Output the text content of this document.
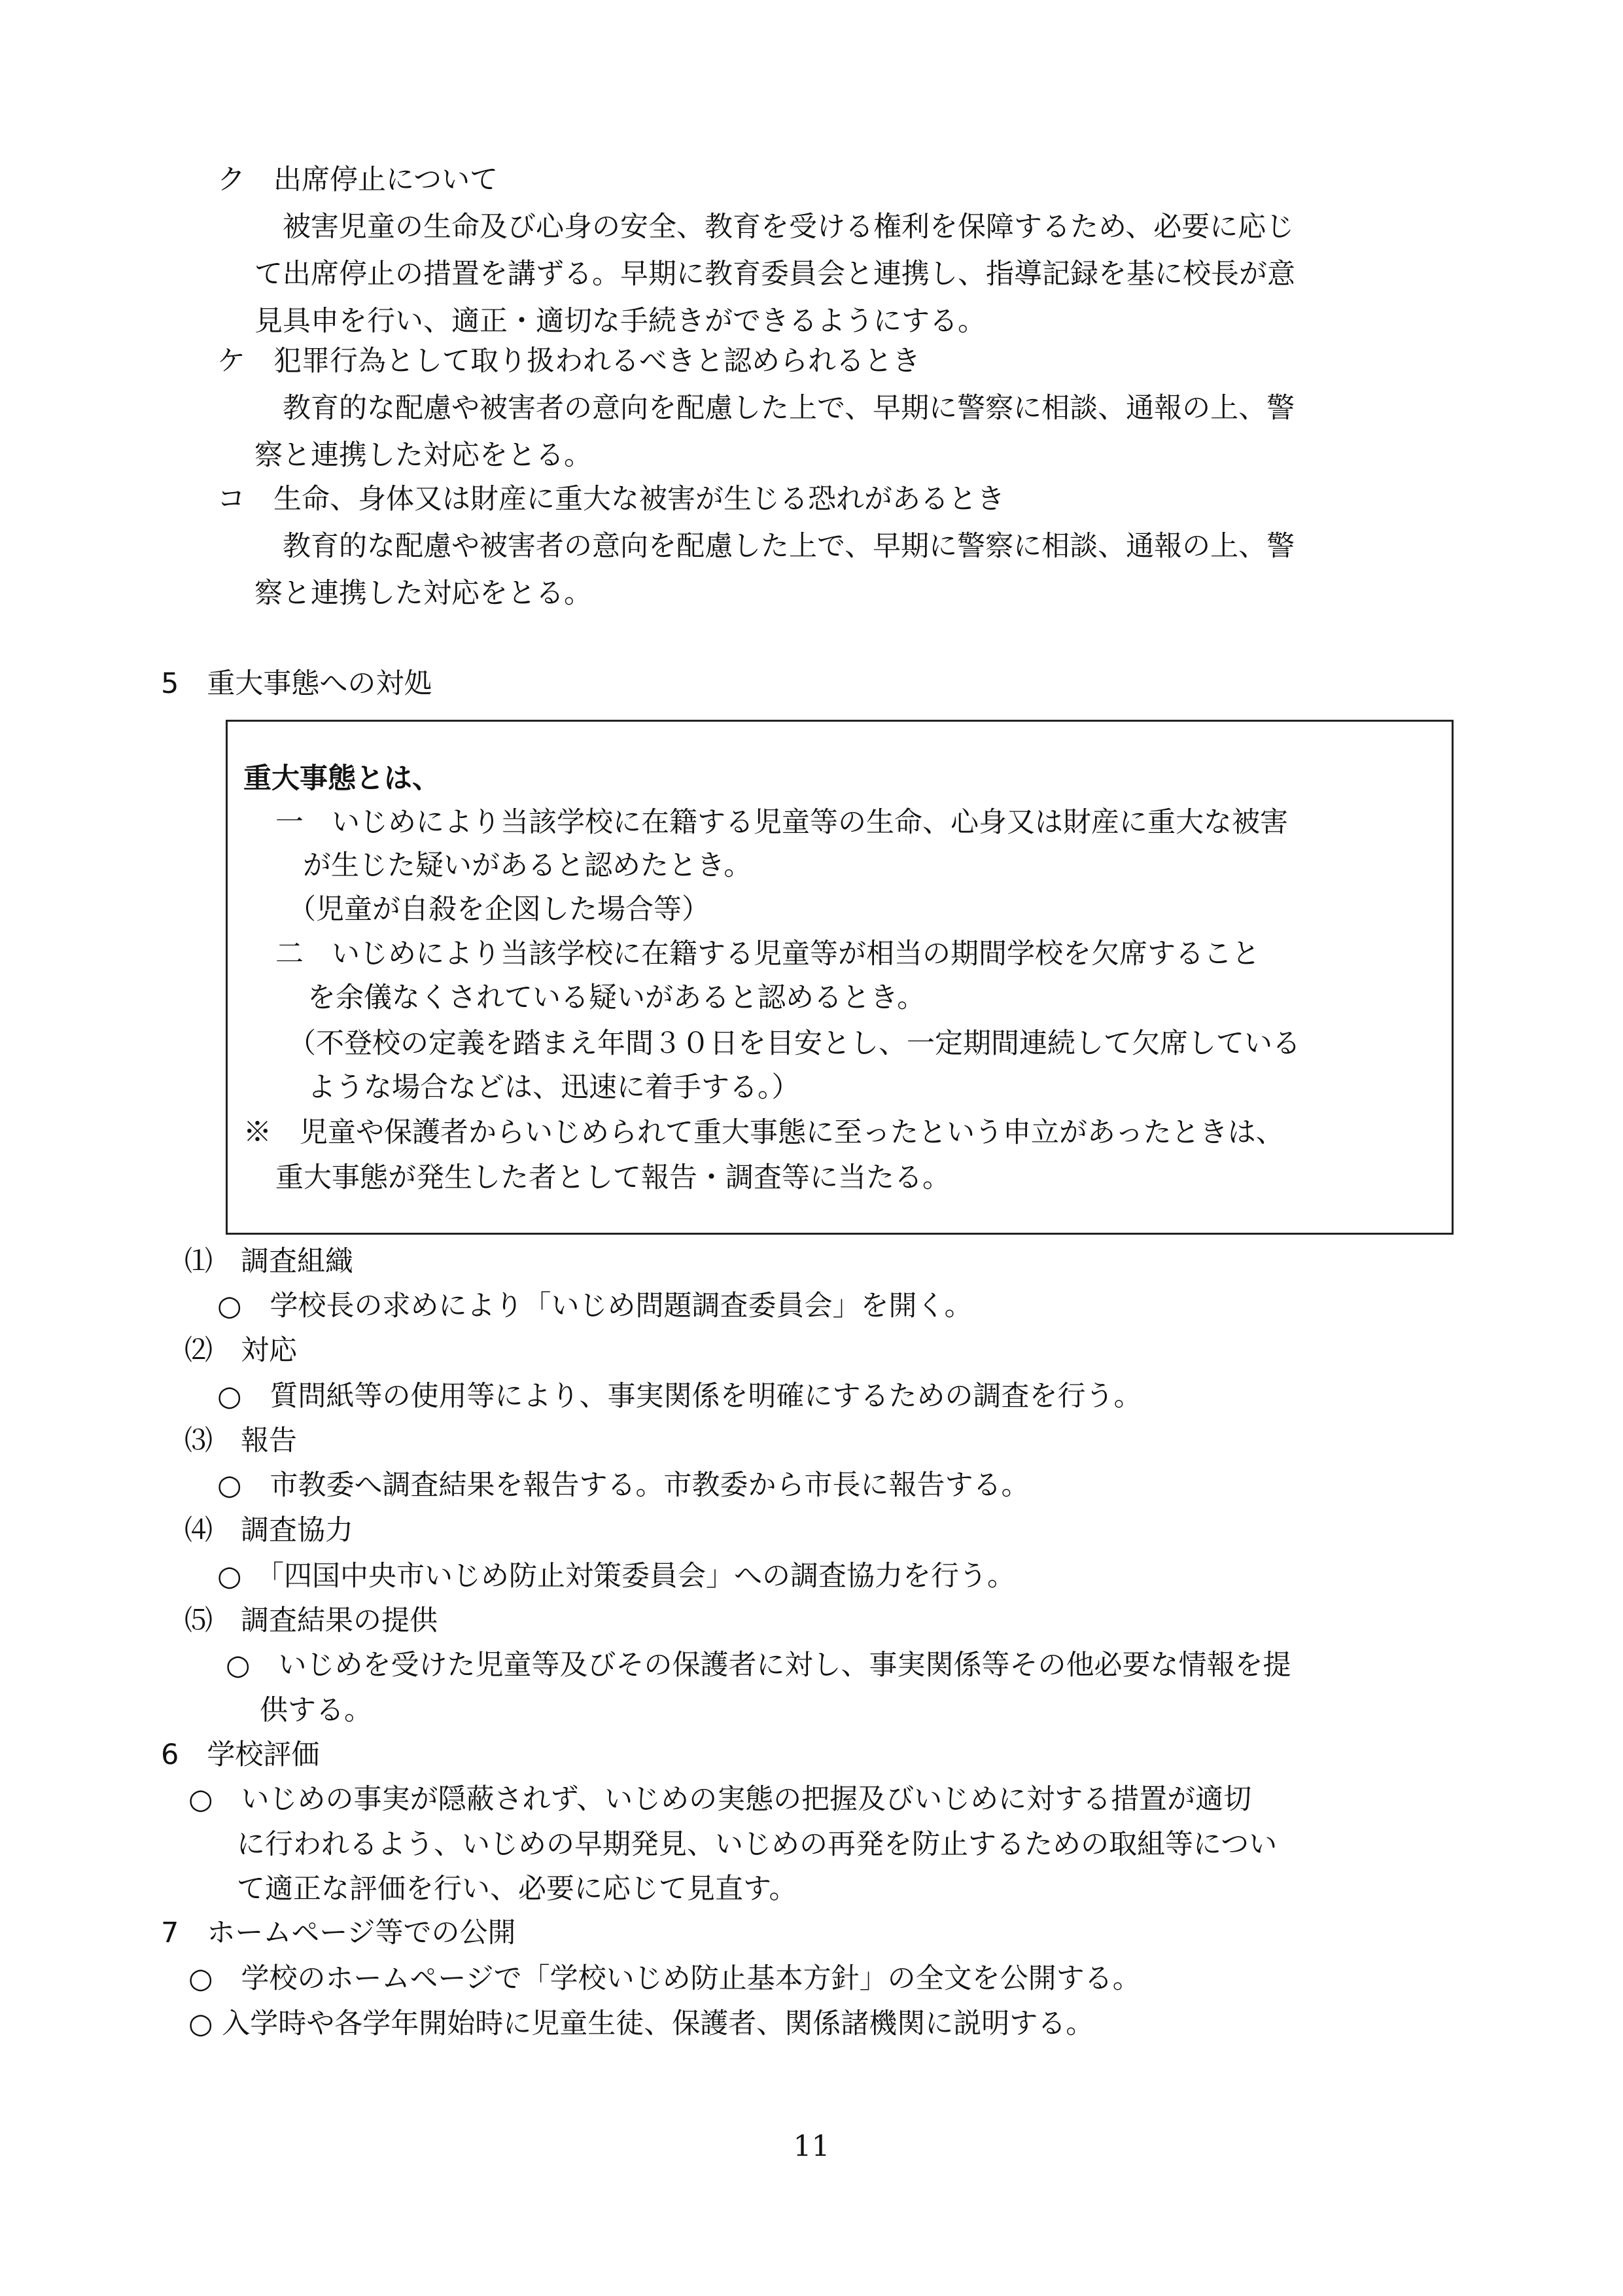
ク　出席停止について
　被害児童の生命及び心身の安全、教育を受ける権利を保障するため、必要に応じ
て出席停止の措置を講ずる。早期に教育委員会と連携し、指導記録を基に校長が意
見具申を行い、適正・適切な手続きができるようにする。
ケ　犯罪行為として取り扱われるべきと認められるとき
　教育的な配慮や被害者の意向を配慮した上で、早期に警察に相談、通報の上、警
察と連携した対応をとる。
コ　生命、身体又は財産に重大な被害が生じる恐れがあるとき
　教育的な配慮や被害者の意向を配慮した上で、早期に警察に相談、通報の上、警
察と連携した対応をとる。
5　重大事態への対処
重大事態とは、
一　いじめにより当該学校に在籍する児童等の生命、心身又は財産に重大な被害
が生じた疑いがあると認めたとき。
（児童が自殺を企図した場合等）
二　いじめにより当該学校に在籍する児童等が相当の期間学校を欠席すること
を余儀なくされている疑いがあると認めるとき。
（不登校の定義を踏まえ年間３０日を目安とし、一定期間連続して欠席している
ような場合などは、迅速に着手する。）
※　児童や保護者からいじめられて重大事態に至ったという申立があったときは、
重大事態が発生した者として報告・調査等に当たる。
⑴　調査組織
○　学校長の求めにより「いじめ問題調査委員会」を開く。
⑵　対応
○　質問紙等の使用等により、事実関係を明確にするための調査を行う。
⑶　報告
○　市教委へ調査結果を報告する。市教委から市長に報告する。
⑷　調査協力
○　「四国中央市いじめ防止対策委員会」への調査協力を行う。
⑸　調査結果の提供
○　いじめを受けた児童等及びその保護者に対し、事実関係等その他必要な情報を提
供する。
6　学校評価
○　いじめの事実が隠蔽されず、いじめの実態の把握及びいじめに対する措置が適切
に行われるよう、いじめの早期発見、いじめの再発を防止するための取組等につい
て適正な評価を行い、必要に応じて見直す。
7　ホームページ等での公開
○　学校のホームページで「学校いじめ防止基本方針」の全文を公開する。
○ 入学時や各学年開始時に児童生徒、保護者、関係諸機関に説明する。
11
